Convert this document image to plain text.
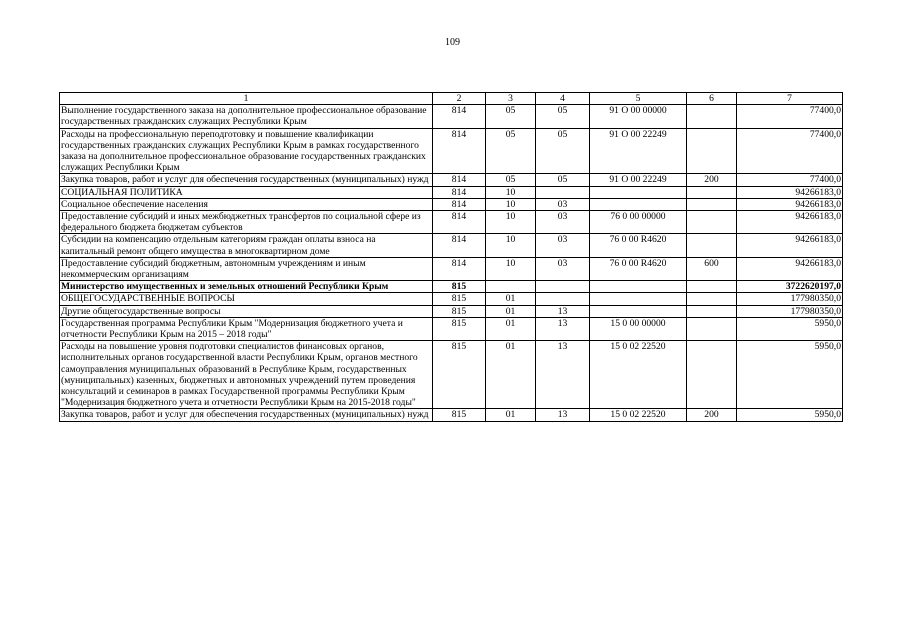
109
1	2	3	4	5	6	7
Выполнение государственного заказа на дополнительное профессиональное образование государственных гражданских служащих Республики Крым	814	05	05	91 О 00 00000		77400,0
Расходы на профессиональную переподготовку и повышение квалификации государственных гражданских служащих Республики Крым в рамках государственного заказа на дополнительное профессиональное образование государственных гражданских служащих Республики Крым	814	05	05	91 О 00 22249		77400,0
Закупка товаров, работ и услуг для обеспечения государственных (муниципальных) нужд	814	05	05	91 О 00 22249	200	77400,0
СОЦИАЛЬНАЯ ПОЛИТИКА	814	10				94266183,0
Социальное обеспечение населения	814	10	03			94266183,0
Предоставление субсидий и иных межбюджетных трансфертов по социальной сфере из федерального бюджета бюджетам субъектов	814	10	03	76 0 00 00000		94266183,0
Субсидии на компенсацию отдельным категориям граждан оплаты взноса на капитальный ремонт общего имущества в многоквартирном доме	814	10	03	76 0 00 R4620		94266183,0
Предоставление субсидий бюджетным, автономным учреждениям и иным некоммерческим организациям	814	10	03	76 0 00 R4620	600	94266183,0
Министерство имущественных и земельных отношений Республики Крым	815					3722620197,0
ОБЩЕГОСУДАРСТВЕННЫЕ ВОПРОСЫ	815	01				177980350,0
Другие общегосударственные вопросы	815	01	13			177980350,0
Государственная программа Республики Крым "Модернизация бюджетного учета и отчетности Республики Крым на 2015 – 2018 годы"	815	01	13	15 0 00 00000		5950,0
Расходы на повышение уровня подготовки специалистов финансовых органов, исполнительных органов государственной власти Республики Крым, органов местного самоуправления муниципальных образований в Республике Крым, государственных (муниципальных) казенных, бюджетных и автономных учреждений путем проведения консультаций и семинаров в рамках Государственной программы Республики Крым "Модернизация бюджетного учета и отчетности Республики Крым на 2015-2018 годы"	815	01	13	15 0 02 22520		5950,0
Закупка товаров, работ и услуг для обеспечения государственных (муниципальных) нужд	815	01	13	15 0 02 22520	200	5950,0
